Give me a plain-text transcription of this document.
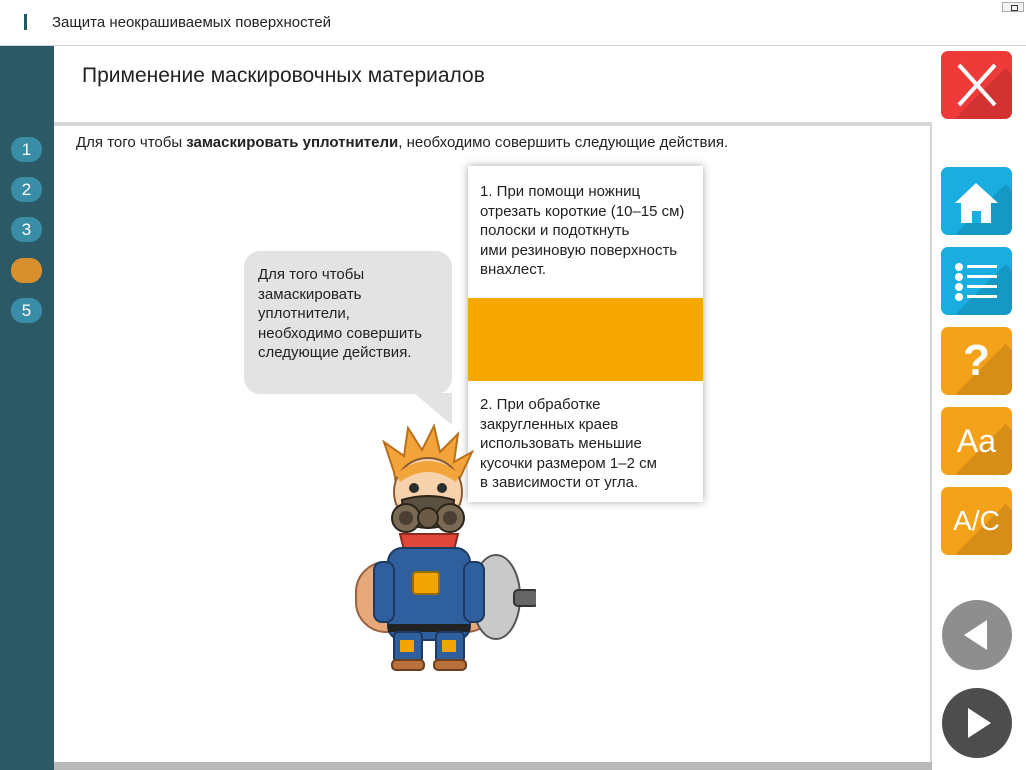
Защита неокрашиваемых поверхностей
1
2
3
5
Применение маскировочных материалов
Для того чтобы замаскировать уплотнители, необходимо совершить следующие действия.
Для того чтобы
замаскировать
уплотнители,
необходимо совершить
следующие действия.
1. При помощи ножниц
отрезать короткие (10–15 см)
полоски и подоткнуть
ими резиновую поверхность
внахлест.
2. При обработке
закругленных краев
использовать меньшие
кусочки размером 1–2 см
в зависимости от угла.
?
Aa
A/C
